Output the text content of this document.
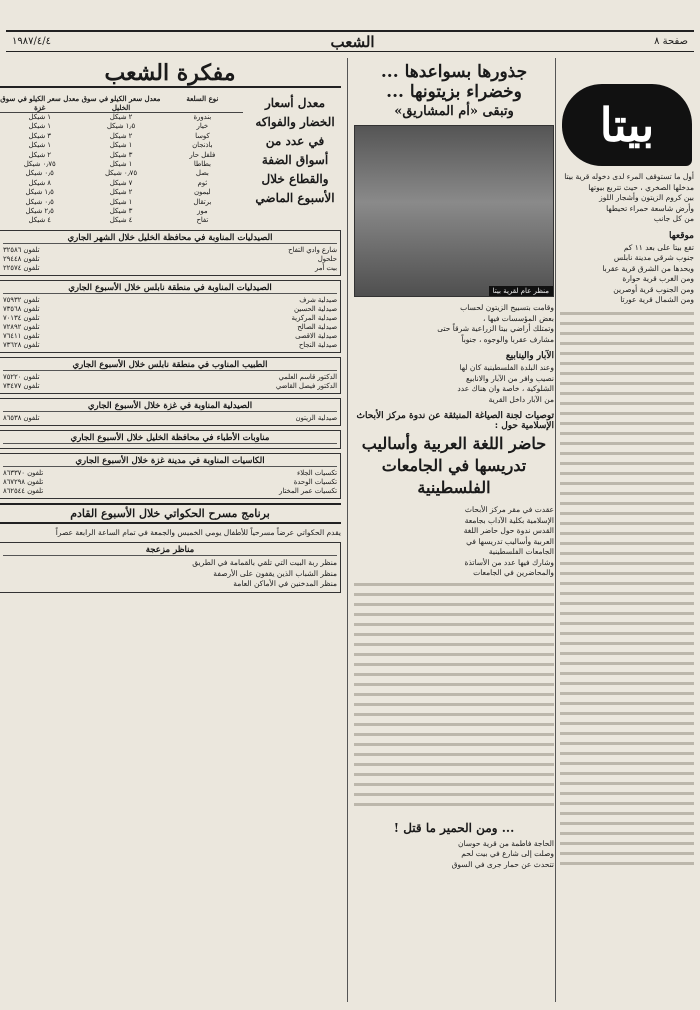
صفحة ٨
الشعب
١٩٨٧/٤/٤
بيتا

أول ما تستوقف المرء لدى دخوله قرية بيتا

مدخلها الصخري ، حيث تتربع بيوتها

بين كروم الزيتون وأشجار اللوز

وأرض شاسعة حمراء تحيطها

من كل جانب

موقعها

تقع بيتا على بعد ١١ كم

جنوب شرقي مدينة نابلس

ويحدها من الشرق قرية عقربا

ومن الغرب قرية حوارة

ومن الجنوب قرية أوصرين

ومن الشمال قرية عورتا

جذورها بسواعدها ... وخضراء بزيتونها ...
وتبقى «أم المشاريق»
منظر عام لقرية بيتا

وقامت بتسييج الزيتون لحساب

بعض المؤسسات فيها ،

وتمتلك أراضي بيتا الزراعية شرقاً حتى

مشارف عقربا والوجوه ، جنوباً

الآبار والينابيع

وعند البلدة الفلسطينية كان لها

نصيب وافر من الآبار والانابيع

الشلوكية ، خاصة وان هناك عدد

من الآبار داخل القرية

توصيات لجنة الصياغة المنبثقة عن ندوة مركز الأبحاث الإسلامية حول :
حاضر اللغة العربية وأساليب تدريسها في الجامعات الفلسطينية

عقدت في مقر مركز الأبحاث

الإسلامية بكلية الآداب بجامعة

القدس ندوة حول حاضر اللغة

العربية وأساليب تدريسها في

الجامعات الفلسطينية

وشارك فيها عدد من الأساتذة

والمحاضرين في الجامعات

... ومن الحمير ما قتل !

الحاجة فاطمة من قرية حوسان

وصلت إلى شارع في بيت لحم

تتحدث عن حمار جرى في السوق

مفكرة الشعب
معدل أسعار الخضار والفواكه في عدد من أسواق الضفة والقطاع خلال الأسبوع الماضي
نوع السلعة
معدل سعر الكيلو في سوق الخليل
معدل سعر الكيلو في سوق غزة
بندورة
٢ شيكل
١ شيكل
خيار
١٫٥ شيكل
١ شيكل
كوسا
٢ شيكل
٣ شيكل
باذنجان
١ شيكل
١ شيكل
فلفل حار
٣ شيكل
٢ شيكل
بطاطا
١ شيكل
٠٫٧٥ شيكل
بصل
٠٫٧٥ شيكل
٠٫٥ شيكل
ثوم
٧ شيكل
٨ شيكل
ليمون
٢ شيكل
١٫٥ شيكل
برتقال
١ شيكل
٠٫٥ شيكل
موز
٣ شيكل
٢٫٥ شيكل
تفاح
٤ شيكل
٤ شيكل
الصيدليات المناوبة في محافظة الخليل خلال الشهر الجاري
شارع وادي التفاح
تلفون ٣٢٥٨٦
حلحول
تلفون ٢٩٤٤٨
بيت أمر
تلفون ٢٢٥٧٤
الصيدليات المناوبة في منطقة نابلس خلال الأسبوع الجاري
صيدلية شرف
تلفون ٧٥٩٣٢
صيدلية الحسين
تلفون ٧٣٥٦٨
صيدلية المركزية
تلفون ٧٠١٣٤
صيدلية الصالح
تلفون ٧٢٨٩٢
صيدلية الاقصى
تلفون ٧٦٤١١
صيدلية النجاح
تلفون ٧٣٦٢٨
الطبيب المناوب في منطقة نابلس خلال الأسبوع الجاري
الدكتور قاسم العلمي
تلفون ٧٥٢٢٠
الدكتور فيصل القاضي
تلفون ٧٣٤٧٧
الصيدلية المناوبة في غزة خلال الأسبوع الجاري
صيدلية الزيتون
تلفون ٨٦٥٣٨
مناوبات الأطباء في محافظة الخليل خلال الأسبوع الجاري
الكاسيات المناوبة في مدينة غزة خلال الأسبوع الجاري
تكسيات الجلاء
تلفون ٨٦٣٣٧٠
تكسيات الوحدة
تلفون ٨٦٧٢٩٨
تكسيات عمر المختار
تلفون ٨٦٢٥٤٤
برنامج مسرح الحكواتي خلال الأسبوع القادم
يقدم الحكواتي عرضاً مسرحياً للأطفال يومي الخميس والجمعة في تمام الساعة الرابعة عصراً
مناظر مزعجة

منظر ربة البيت التي تلقي بالقمامة في الطريق

منظر الشباب الذين يقفون على الأرصفة

منظر المدخنين في الأماكن العامة
